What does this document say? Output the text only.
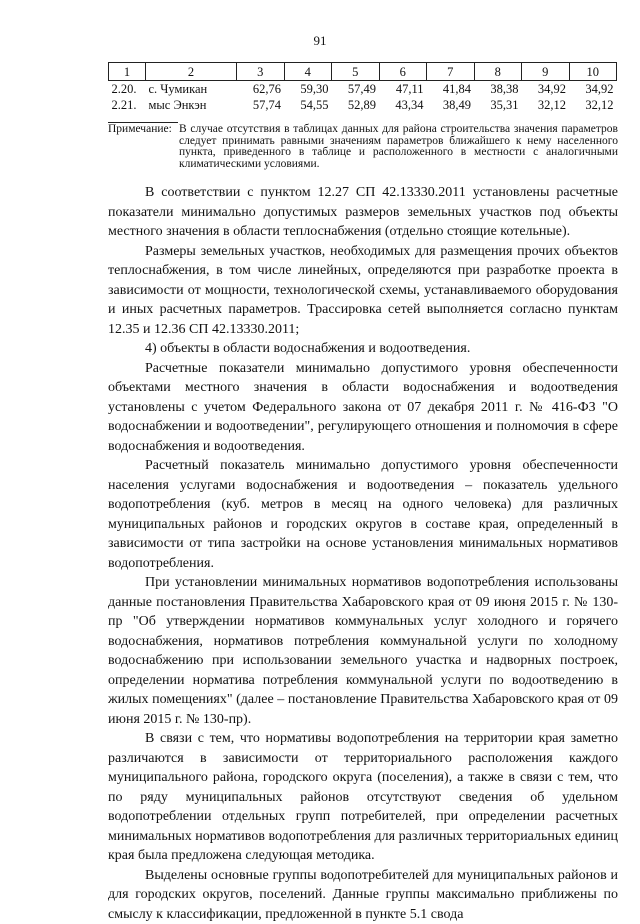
91
1	2	3	4	5	6	7	8	9	10
2.20.	с. Чумикан	62,76	59,30	57,49	47,11	41,84	38,38	34,92	34,92
2.21.	мыс Энкэн	57,74	54,55	52,89	43,34	38,49	35,31	32,12	32,12
Примечание: В случае отсутствия в таблицах данных для района строительства значения параметров следует принимать равными значениям параметров ближайшего к нему населенного пункта, приведенного в таблице и расположенного в местности с аналогичными климатическими условиями.

В соответствии с пунктом 12.27 СП 42.13330.2011 установлены расчетные показатели минимально допустимых размеров земельных участков под объекты местного значения в области теплоснабжения (отдельно стоящие котельные).

Размеры земельных участков, необходимых для размещения прочих объектов теплоснабжения, в том числе линейных, определяются при разработке проекта в зависимости от мощности, технологической схемы, устанавливаемого оборудования и иных расчетных параметров. Трассировка сетей выполняется согласно пунктам 12.35 и 12.36 СП 42.13330.2011;

4) объекты в области водоснабжения и водоотведения.

Расчетные показатели минимально допустимого уровня обеспеченности объектами местного значения в области водоснабжения и водоотведения установлены с учетом Федерального закона от 07 декабря 2011 г. № 416-ФЗ "О водоснабжении и водоотведении", регулирующего отношения и полномочия в сфере водоснабжения и водоотведения.

Расчетный показатель минимально допустимого уровня обеспеченности населения услугами водоснабжения и водоотведения – показатель удельного водопотребления (куб. метров в месяц на одного человека) для различных муниципальных районов и городских округов в составе края, определенный в зависимости от типа застройки на основе установления минимальных нормативов водопотребления.

При установлении минимальных нормативов водопотребления использованы данные постановления Правительства Хабаровского края от 09 июня 2015 г. № 130-пр "Об утверждении нормативов коммунальных услуг холодного и горячего водоснабжения, нормативов потребления коммунальной услуги по холодному водоснабжению при использовании земельного участка и надворных построек, определении норматива потребления коммунальной услуги по водоотведению в жилых помещениях" (далее – постановление Правительства Хабаровского края от 09 июня 2015 г. № 130-пр).

В связи с тем, что нормативы водопотребления на территории края заметно различаются в зависимости от территориального расположения каждого муниципального района, городского округа (поселения), а также в связи с тем, что по ряду муниципальных районов отсутствуют сведения об удельном водопотреблении отдельных групп потребителей, при определении расчетных минимальных нормативов водопотребления для различных территориальных единиц края была предложена следующая методика.

Выделены основные группы водопотребителей для муниципальных районов и для городских округов, поселений. Данные группы максимально приближены по смыслу к классификации, предложенной в пункте 5.1 свода
